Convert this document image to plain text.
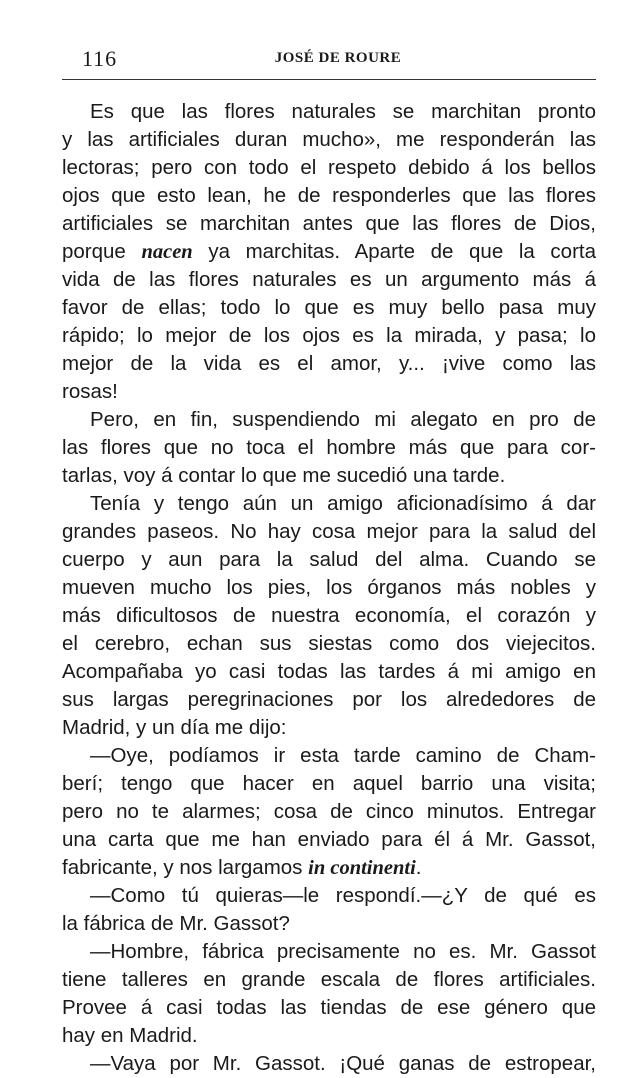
116	JOSÉ DE ROURE
Es que las flores naturales se marchitan pronto
y las artificiales duran mucho», me responderán las
lectoras; pero con todo el respeto debido á los bellos
ojos que esto lean, he de responderles que las flores
artificiales se marchitan antes que las flores de Dios,
porque nacen ya marchitas. Aparte de que la corta
vida de las flores naturales es un argumento más á
favor de ellas; todo lo que es muy bello pasa muy
rápido; lo mejor de los ojos es la mirada, y pasa; lo
mejor de la vida es el amor, y... ¡vive como las
rosas!
Pero, en fin, suspendiendo mi alegato en pro de
las flores que no toca el hombre más que para cor-
tarlas, voy á contar lo que me sucedió una tarde.
Tenía y tengo aún un amigo aficionadísimo á dar
grandes paseos. No hay cosa mejor para la salud del
cuerpo y aun para la salud del alma. Cuando se
mueven mucho los pies, los órganos más nobles y
más dificultosos de nuestra economía, el corazón y
el cerebro, echan sus siestas como dos viejecitos.
Acompañaba yo casi todas las tardes á mi amigo en
sus largas peregrinaciones por los alrededores de
Madrid, y un día me dijo:
—Oye, podíamos ir esta tarde camino de Cham-
berí; tengo que hacer en aquel barrio una visita;
pero no te alarmes; cosa de cinco minutos. Entregar
una carta que me han enviado para él á Mr. Gassot,
fabricante, y nos largamos in continenti.
—Como tú quieras—le respondí.—¿Y de qué es
la fábrica de Mr. Gassot?
—Hombre, fábrica precisamente no es. Mr. Gassot
tiene talleres en grande escala de flores artificiales.
Provee á casi todas las tiendas de ese género que
hay en Madrid.
—Vaya por Mr. Gassot. ¡Qué ganas de estropear,
